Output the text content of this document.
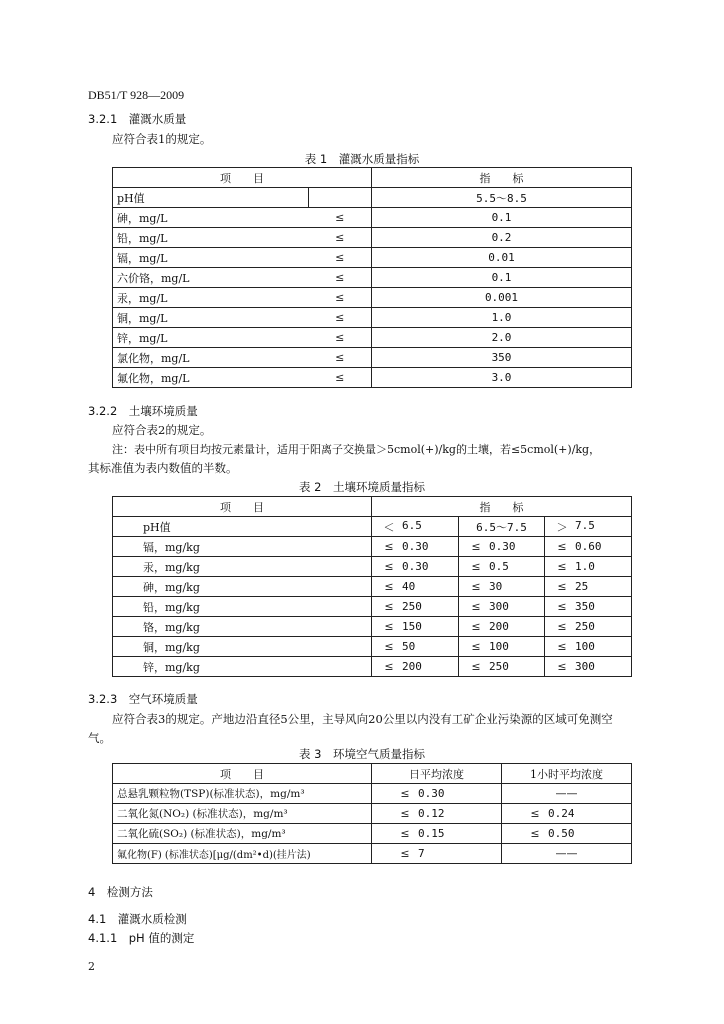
DB51/T 928—2009
3.2.1　灌溉水质量
应符合表1的规定。
表 1　灌溉水质量指标
项　　目		指　　标
pH值		5.5～8.5
砷，mg/L	≤	0.1
铅，mg/L	≤	0.2
镉，mg/L	≤	0.01
六价铬，mg/L	≤	0.1
汞，mg/L	≤	0.001
铜，mg/L	≤	1.0
锌，mg/L	≤	2.0
氯化物，mg/L	≤	350
氟化物，mg/L	≤	3.0
3.2.2　土壤环境质量
应符合表2的规定。
注：表中所有项目均按元素量计，适用于阳离子交换量＞5cmol(+)/kg的土壤，若≤5cmol(+)/kg，
其标准值为表内数值的半数。
表 2　土壤环境质量指标
项　　目	指　　标		
pH值	＜ 6.5	6.5～7.5	＞ 7.5

镉，mg/kg	≤ 0.30	≤ 0.30	≤ 0.60

汞，mg/kg	≤ 0.30	≤ 0.5	≤ 1.0

砷，mg/kg	≤ 40	≤ 30	≤ 25

铅，mg/kg	≤ 250	≤ 300	≤ 350

铬，mg/kg	≤ 150	≤ 200	≤ 250

铜，mg/kg	≤ 50	≤ 100	≤ 100

锌，mg/kg	≤ 200	≤ 250	≤ 300
3.2.3　空气环境质量
应符合表3的规定。产地边沿直径5公里，主导风向20公里以内没有工矿企业污染源的区域可免测空
气。
表 3　环境空气质量指标
项　　目	日平均浓度	1小时平均浓度
总悬乳颗粒物(TSP)(标准状态)，mg/m³	≤ 0.30	——
二氧化氮(NO₂) (标准状态)，mg/m³	≤ 0.12	≤ 0.24

二氧化硫(SO₂) (标准状态)，mg/m³	≤ 0.15	≤ 0.50

氟化物(F) (标准状态)[μg/(dm²•d)(挂片法)	≤ 7	——
4　检测方法
4.1　灌溉水质检测
4.1.1　pH 值的测定
2
